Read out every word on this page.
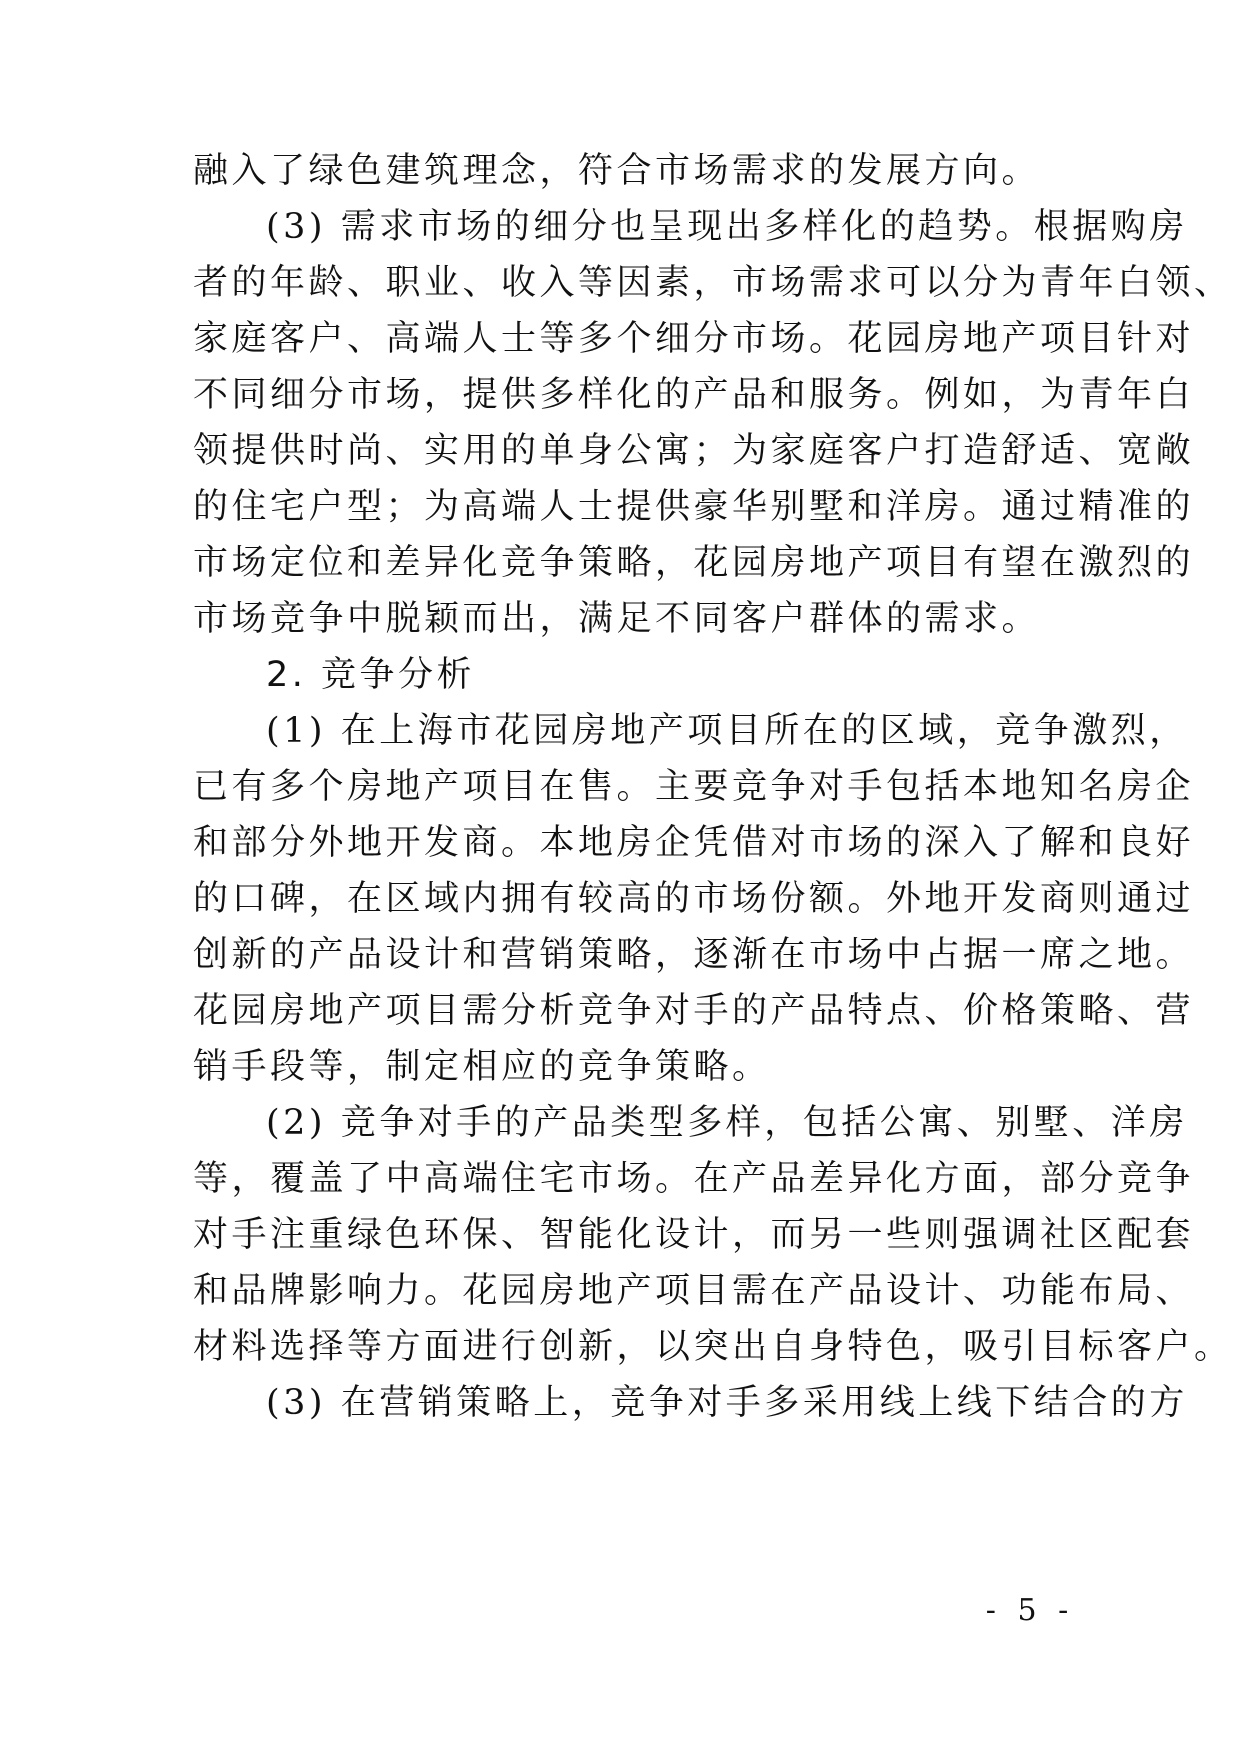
融入了绿色建筑理念，符合市场需求的发展方向。
(3) 需求市场的细分也呈现出多样化的趋势。根据购房
者的年龄、职业、收入等因素，市场需求可以分为青年白领、
家庭客户、高端人士等多个细分市场。花园房地产项目针对
不同细分市场，提供多样化的产品和服务。例如，为青年白
领提供时尚、实用的单身公寓；为家庭客户打造舒适、宽敞
的住宅户型；为高端人士提供豪华别墅和洋房。通过精准的
市场定位和差异化竞争策略，花园房地产项目有望在激烈的
市场竞争中脱颖而出，满足不同客户群体的需求。
2. 竞争分析
(1) 在上海市花园房地产项目所在的区域，竞争激烈，
已有多个房地产项目在售。主要竞争对手包括本地知名房企
和部分外地开发商。本地房企凭借对市场的深入了解和良好
的口碑，在区域内拥有较高的市场份额。外地开发商则通过
创新的产品设计和营销策略，逐渐在市场中占据一席之地。
花园房地产项目需分析竞争对手的产品特点、价格策略、营
销手段等，制定相应的竞争策略。
(2) 竞争对手的产品类型多样，包括公寓、别墅、洋房
等，覆盖了中高端住宅市场。在产品差异化方面，部分竞争
对手注重绿色环保、智能化设计，而另一些则强调社区配套
和品牌影响力。花园房地产项目需在产品设计、功能布局、
材料选择等方面进行创新，以突出自身特色，吸引目标客户。
(3) 在营销策略上，竞争对手多采用线上线下结合的方
- 5 -
